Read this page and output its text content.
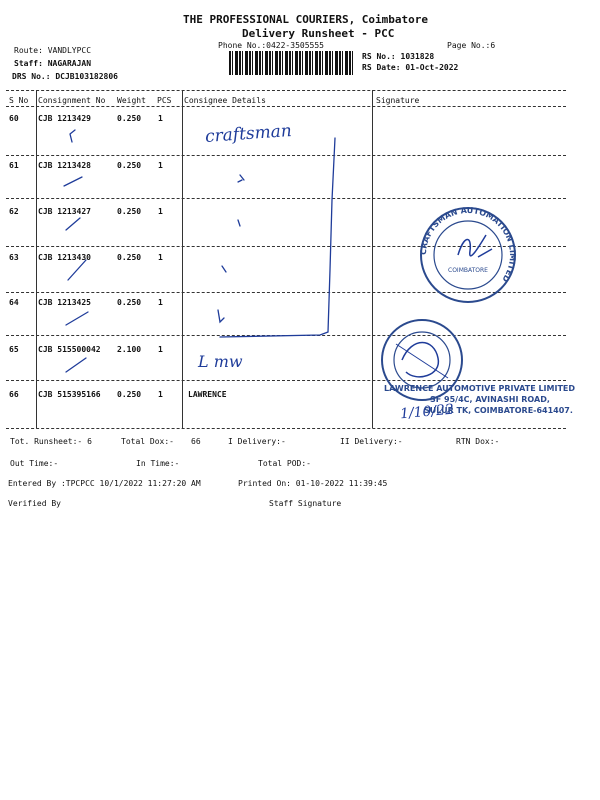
THE PROFESSIONAL COURIERS, Coimbatore
Delivery Runsheet - PCC
Phone No.:0422-3505555	Page No.:6
Route: VANDLYPCC
Staff: NAGARAJAN
DRS No.: DCJB103182806
RS No.: 1031828
RS Date: 01-Oct-2022
S No Consignment No Weight PCS Consignee Details	Signature
60 CJB 1213429	0.250 1
61 CJB 1213428	0.250 1
62 CJB 1213427	0.250 1
63 CJB 1213430	0.250 1
64 CJB 1213425	0.250 1
65 CJB 515500042 2.100 1
66 CJB 515395166 0.250 1	LAWRENCE
craftsman
L mw
1/10/22
CRAFTSMAN AUTOMATION LIMITED
COIMBATORE
LAWRENCE AUTOMOTIVE PRIVATE LIMITED
SF 95/4C, AVINASHI ROAD,
SULUR TK, COIMBATORE-641407.
Tot. Runsheet:- 6	Total Dox:- 66	I Delivery:-	II Delivery:-	RTN Dox:-
Out Time:-	In Time:-	Total POD:-
Entered By :TPCPCC 10/1/2022 11:27:20 AM	Printed On: 01-10-2022 11:39:45
Verified By	Staff Signature
